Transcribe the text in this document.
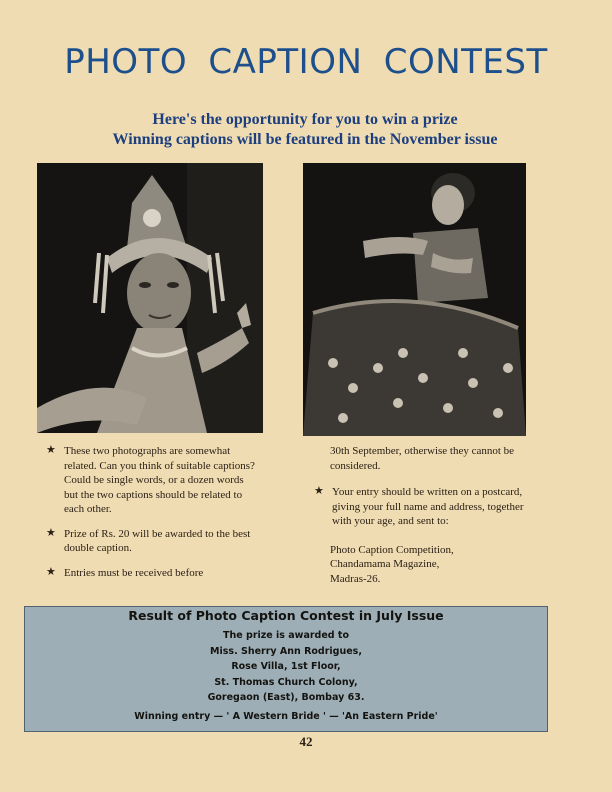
PHOTO CAPTION CONTEST
Here's the opportunity for you to win a prize
Winning captions will be featured in the November issue
★ These two photographs are somewhat related. Can you think of suitable captions? Could be single words, or a dozen words but the two captions should be related to each other.
★ Prize of Rs. 20 will be awarded to the best double caption.
★ Entries must be received before
30th September, otherwise they cannot be considered.
★ Your entry should be written on a postcard, giving your full name and address, together with your age, and sent to:
Photo Caption Competition,
Chandamama Magazine,
Madras-26.
Result of Photo Caption Contest in July Issue
The prize is awarded to
Miss. Sherry Ann Rodrigues,
Rose Villa, 1st Floor,
St. Thomas Church Colony,
Goregaon (East), Bombay 63.
Winning entry — ' A Western Bride ' — 'An Eastern Pride'
42
